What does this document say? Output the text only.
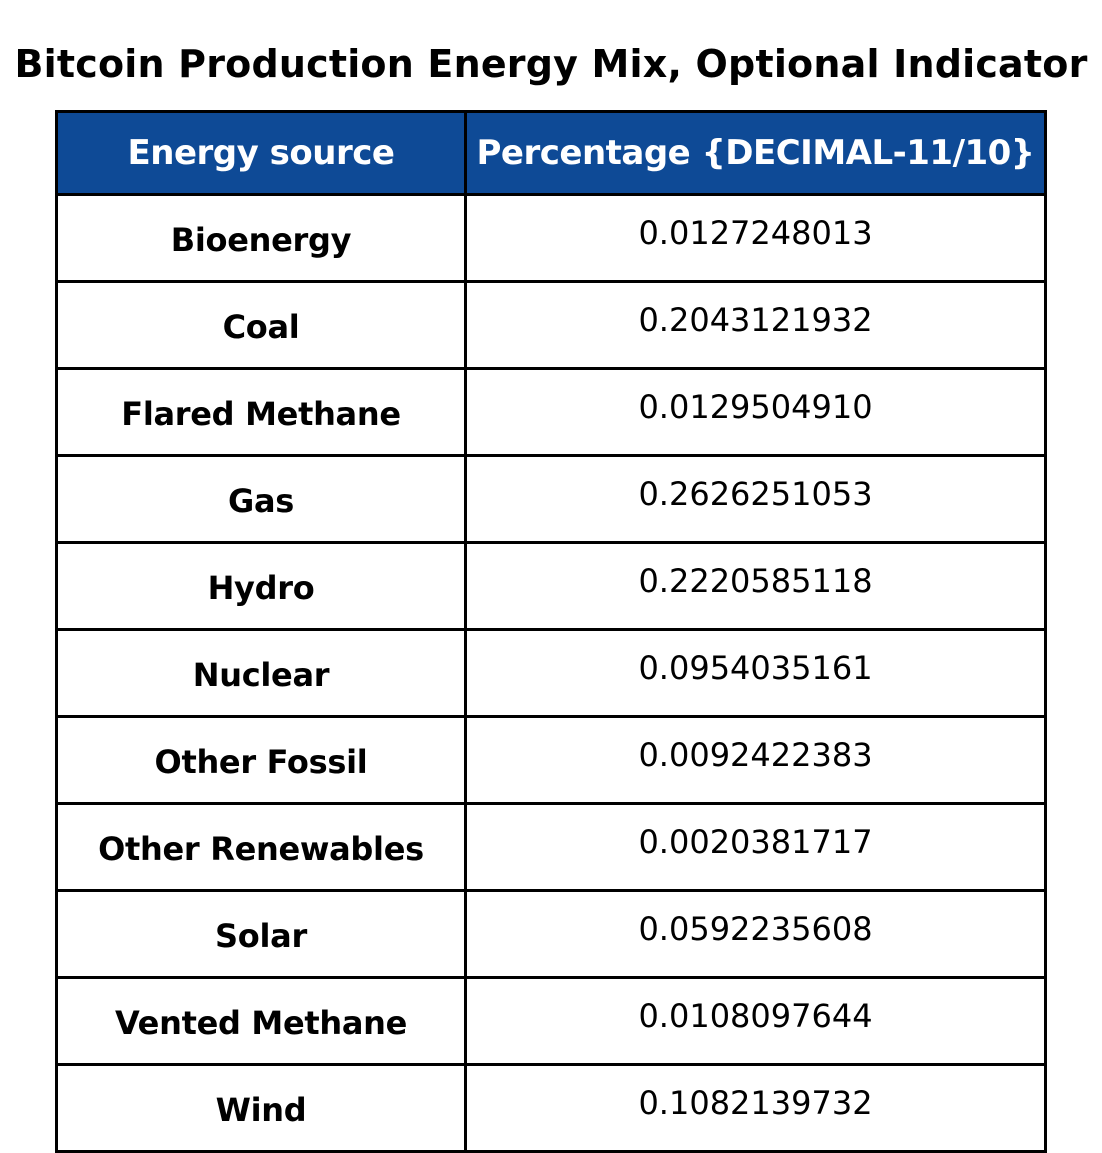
Bitcoin Production Energy Mix, Optional Indicator
Energy source	Percentage {DECIMAL-11/10}
Bioenergy	0.0127248013
Coal	0.2043121932
Flared Methane	0.0129504910
Gas	0.2626251053
Hydro	0.2220585118
Nuclear	0.0954035161
Other Fossil	0.0092422383
Other Renewables	0.0020381717
Solar	0.0592235608
Vented Methane	0.0108097644
Wind	0.1082139732
